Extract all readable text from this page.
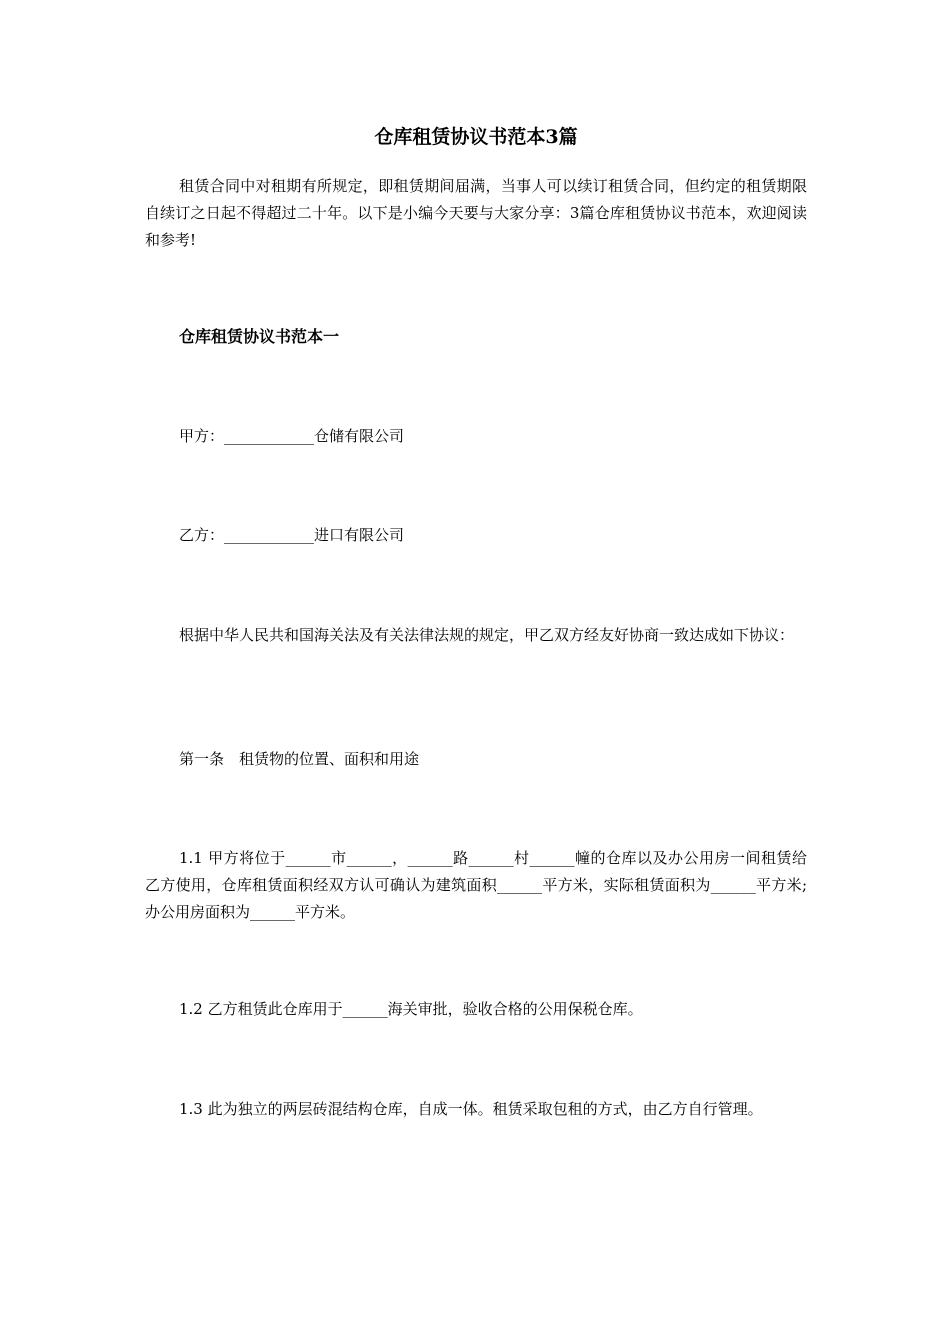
仓库租赁协议书范本3篇

租赁合同中对租期有所规定，即租赁期间届满，当事人可以续订租赁合同，但约定的租赁期限自续订之日起不得超过二十年。以下是小编今天要与大家分享：3篇仓库租赁协议书范本，欢迎阅读和参考!

仓库租赁协议书范本一

甲方：____________仓储有限公司

乙方：____________进口有限公司

根据中华人民共和国海关法及有关法律法规的规定，甲乙双方经友好协商一致达成如下协议：

第一条　租赁物的位置、面积和用途

1.1 甲方将位于______市______，______路______村______幢的仓库以及办公用房一间租赁给乙方使用，仓库租赁面积经双方认可确认为建筑面积______平方米，实际租赁面积为______平方米;办公用房面积为______平方米。

1.2 乙方租赁此仓库用于______海关审批，验收合格的公用保税仓库。

1.3 此为独立的两层砖混结构仓库，自成一体。租赁采取包租的方式，由乙方自行管理。
